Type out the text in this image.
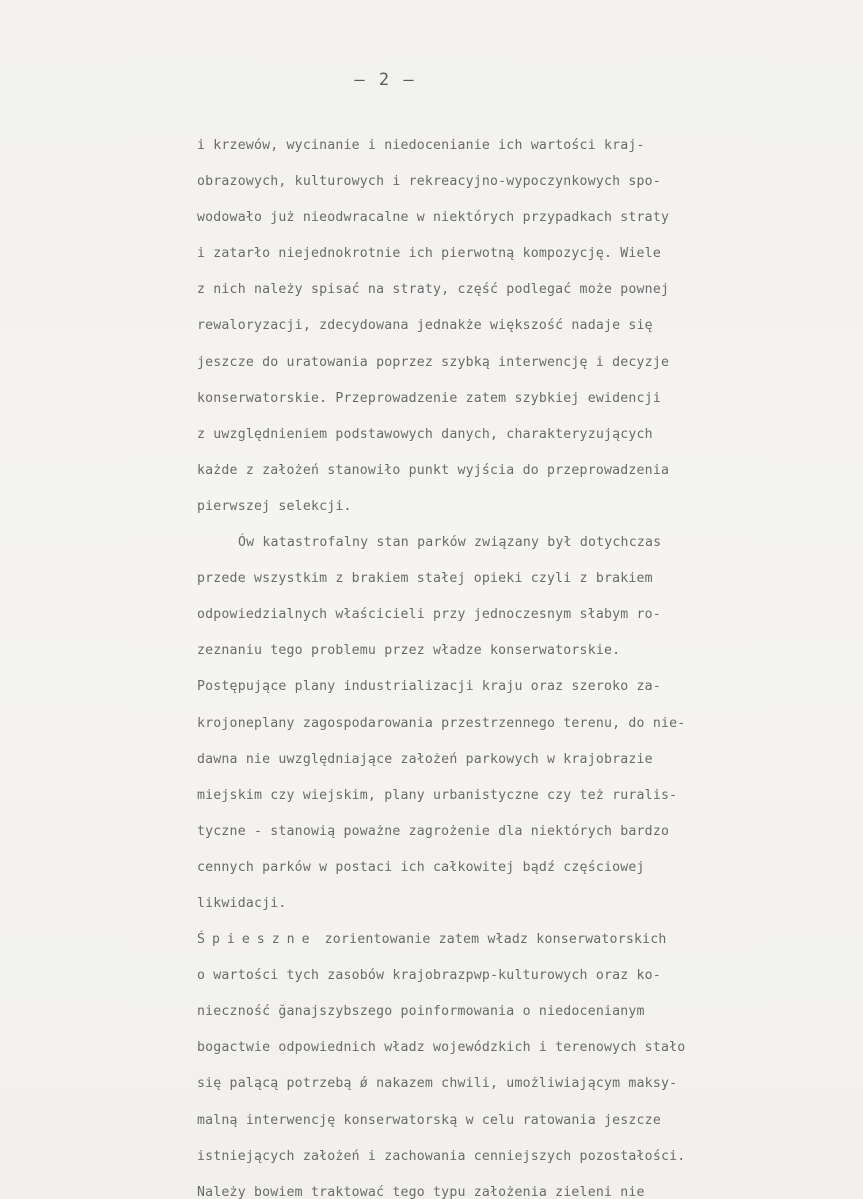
– 2 –
i krzewów, wycinanie i niedocenianie ich wartości kraj-
obrazowych, kulturowych i rekreacyjno-wypoczynkowych spo-
wodowało już nieodwracalne w niektórych przypadkach straty
i zatarło niejednokrotnie ich pierwotną kompozycję. Wiele
z nich należy spisać na straty, część podlegać może pownej
rewaloryzacji, zdecydowana jednakże większość nadaje się
jeszcze do uratowania poprzez szybką interwencję i decyzje
konserwatorskie. Przeprowadzenie zatem szybkiej ewidencji
z uwzględnieniem podstawowych danych, charakteryzujących
każde z założeń stanowiło punkt wyjścia do przeprowadzenia
pierwszej selekcji.
Ów katastrofalny stan parków związany był dotychczas
przede wszystkim z brakiem stałej opieki czyli z brakiem
odpowiedzialnych właścicieli przy jednoczesnym słabym ro-
zeznaniu tego problemu przez władze konserwatorskie.
Postępujące plany industrializacji kraju oraz szeroko za-
krojoneplany zagospodarowania przestrzennego terenu, do nie-
dawna nie uwzględniające założeń parkowych w krajobrazie
miejskim czy wiejskim, plany urbanistyczne czy też ruralis-
tyczne - stanowią poważne zagrożenie dla niektórych bardzo
cennych parków w postaci ich całkowitej bądź częściowej
likwidacji.
Śpieszne zorientowanie zatem władz konserwatorskich
o wartości tych zasobów krajobrazpwp-kulturowych oraz ko-
nieczność ğanajszybszego poinformowania o niedocenianym
bogactwie odpowiednich władz wojewódzkich i terenowych stało
się palącą potrzebą ǿ nakazem chwili, umożliwiającym maksy-
malną interwencję konserwatorską w celu ratowania jeszcze
istniejących założeń i zachowania cenniejszych pozostałości.
Należy bowiem traktować tego typu założenia zieleni nie
